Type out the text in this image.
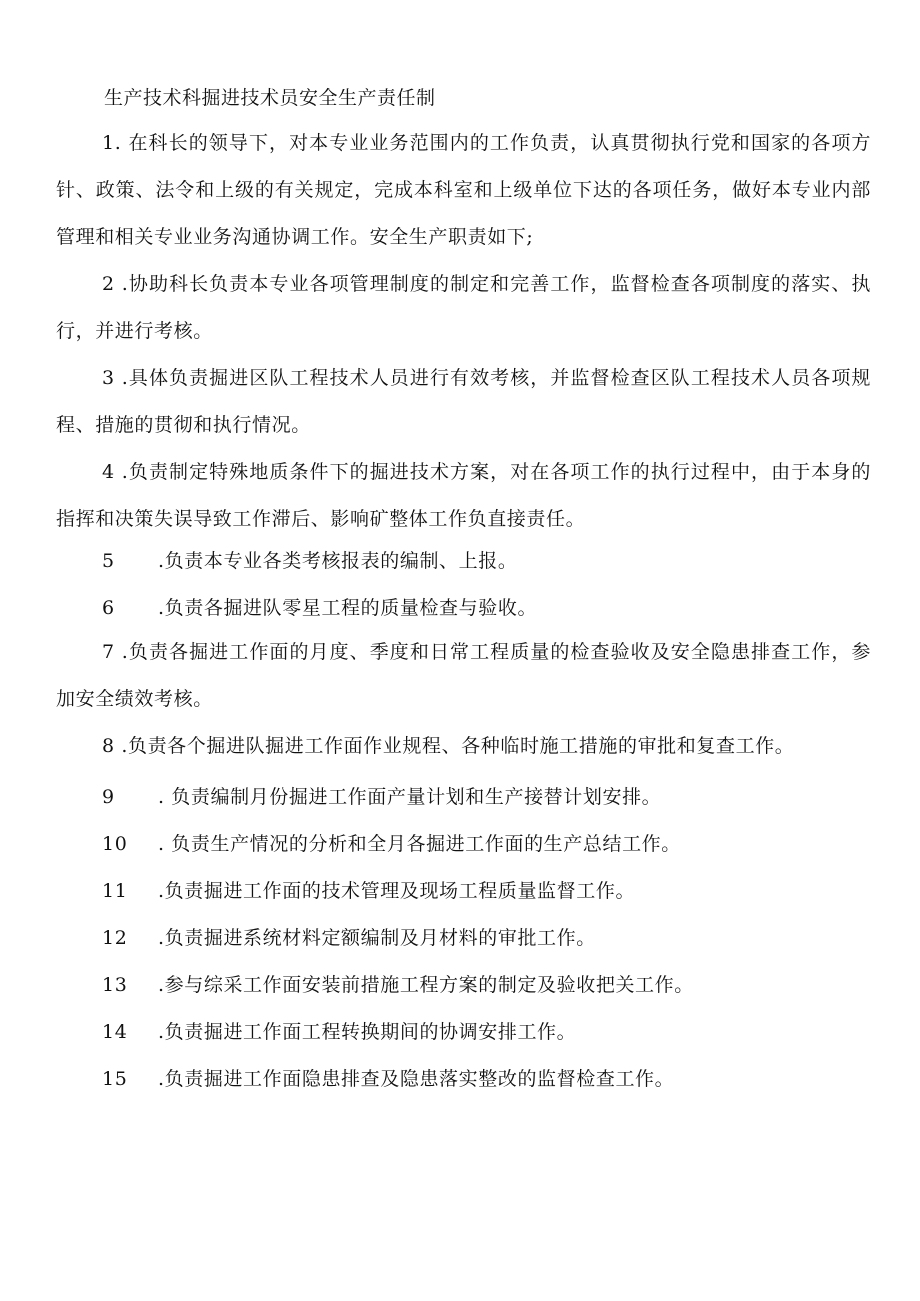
生产技术科掘进技术员安全生产责任制
1. 在科长的领导下，对本专业业务范围内的工作负责，认真贯彻执行党和国家的各项方针、政策、法令和上级的有关规定，完成本科室和上级单位下达的各项任务，做好本专业内部管理和相关专业业务沟通协调工作。安全生产职责如下;
2 .协助科长负责本专业各项管理制度的制定和完善工作，监督检查各项制度的落实、执行，并进行考核。
3 .具体负责掘进区队工程技术人员进行有效考核，并监督检查区队工程技术人员各项规程、措施的贯彻和执行情况。
4 .负责制定特殊地质条件下的掘进技术方案，对在各项工作的执行过程中，由于本身的指挥和决策失误导致工作滞后、影响矿整体工作负直接责任。
5 .负责本专业各类考核报表的编制、上报。
6 .负责各掘进队零星工程的质量检查与验收。
7 .负责各掘进工作面的月度、季度和日常工程质量的检查验收及安全隐患排查工作，参加安全绩效考核。
8 .负责各个掘进队掘进工作面作业规程、各种临时施工措施的审批和复查工作。
9 . 负责编制月份掘进工作面产量计划和生产接替计划安排。
10 . 负责生产情况的分析和全月各掘进工作面的生产总结工作。
11 .负责掘进工作面的技术管理及现场工程质量监督工作。
12 .负责掘进系统材料定额编制及月材料的审批工作。
13 .参与综采工作面安装前措施工程方案的制定及验收把关工作。
14 .负责掘进工作面工程转换期间的协调安排工作。
15 .负责掘进工作面隐患排查及隐患落实整改的监督检查工作。
